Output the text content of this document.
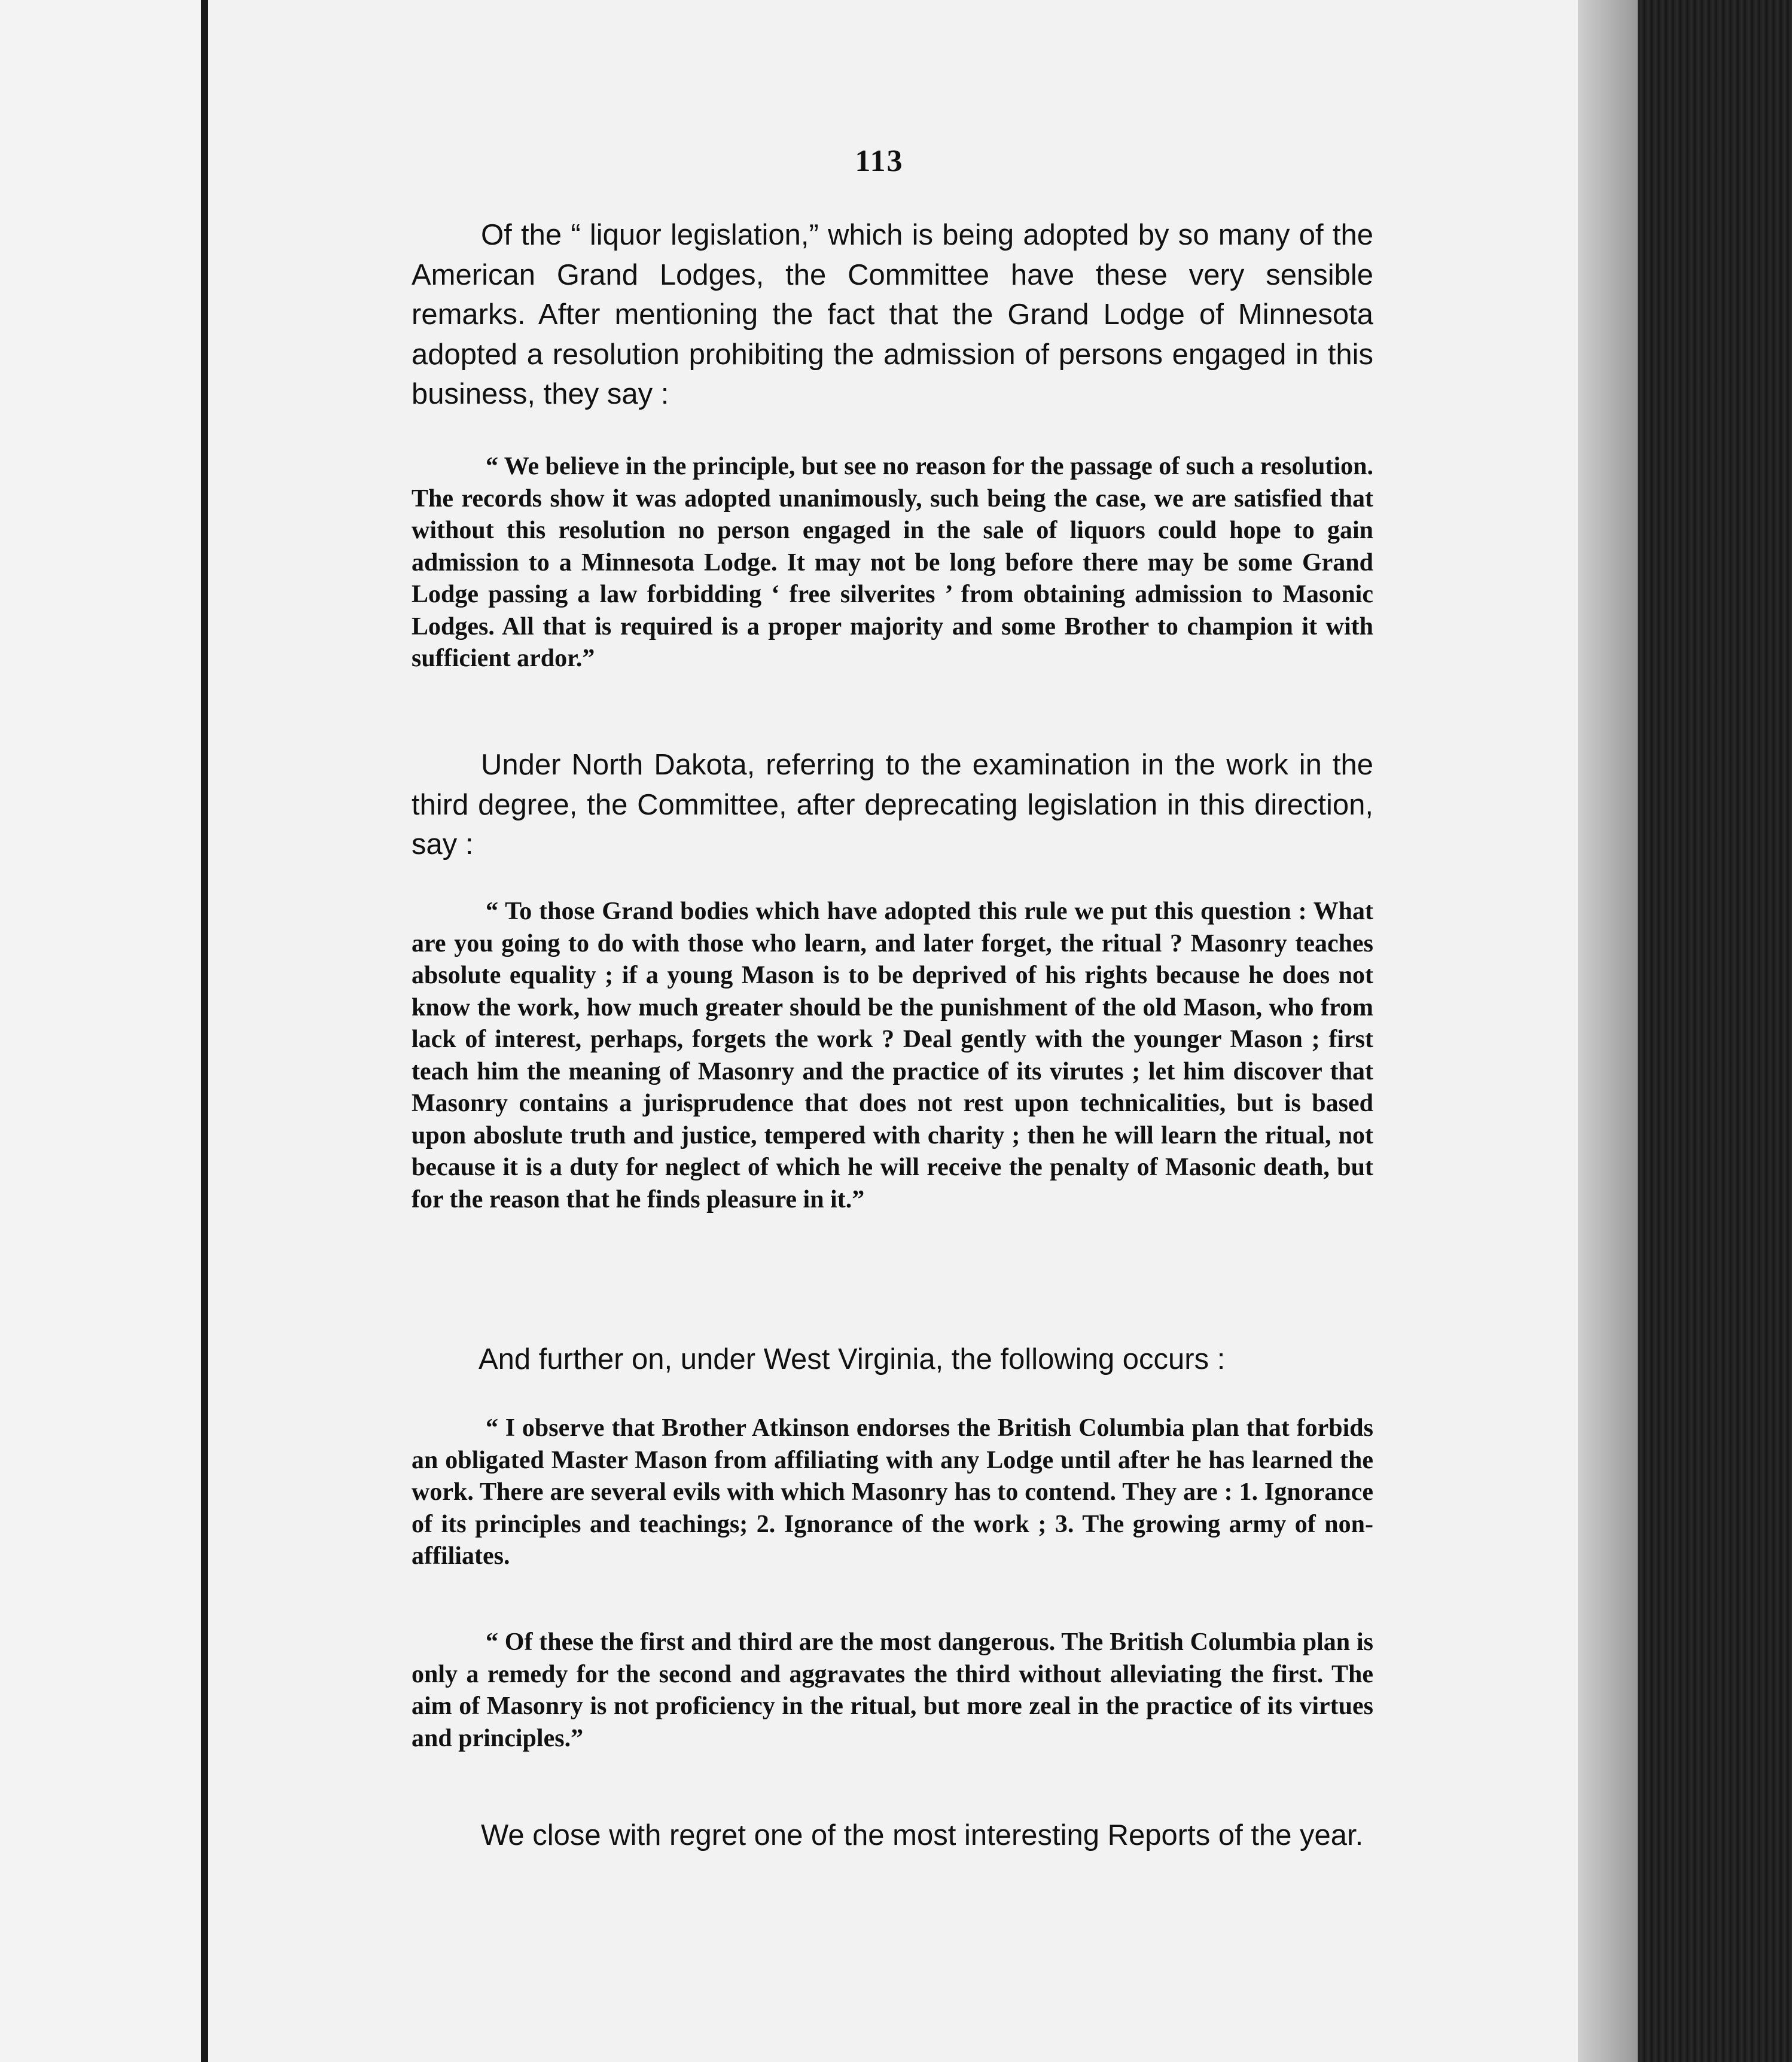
113

Of the “ liquor legislation,” which is being adopted by so many of the American Grand Lodges, the Committee have these very sensible remarks. After mentioning the fact that the Grand Lodge of Minnesota adopted a resolution prohibiting the admission of persons engaged in this business, they say :

“ We believe in the principle, but see no reason for the passage of such a resolution. The records show it was adopted unanimously, such being the case, we are satisfied that without this resolution no person engaged in the sale of liquors could hope to gain admission to a Minnesota Lodge. It may not be long before there may be some Grand Lodge passing a law forbidding ‘ free silverites ’ from obtaining admission to Masonic Lodges. All that is required is a proper majority and some Brother to champion it with sufficient ardor.”

Under North Dakota, referring to the examination in the work in the third degree, the Committee, after deprecating legislation in this direction, say :

“ To those Grand bodies which have adopted this rule we put this question : What are you going to do with those who learn, and later forget, the ritual ? Masonry teaches absolute equality ; if a young Mason is to be deprived of his rights because he does not know the work, how much greater should be the punishment of the old Mason, who from lack of interest, perhaps, forgets the work ? Deal gently with the younger Mason ; first teach him the meaning of Masonry and the practice of its virutes ; let him discover that Masonry contains a jurisprudence that does not rest upon technicalities, but is based upon aboslute truth and justice, tempered with charity ; then he will learn the ritual, not because it is a duty for neglect of which he will receive the penalty of Masonic death, but for the reason that he finds pleasure in it.”

And further on, under West Virginia, the following occurs :

“ I observe that Brother Atkinson endorses the British Columbia plan that forbids an obligated Master Mason from affiliating with any Lodge until after he has learned the work. There are several evils with which Masonry has to contend. They are : 1. Ignorance of its principles and teachings; 2. Ignorance of the work ; 3. The growing army of non-affiliates.

“ Of these the first and third are the most dangerous. The British Columbia plan is only a remedy for the second and aggravates the third without alleviating the first. The aim of Masonry is not proficiency in the ritual, but more zeal in the practice of its virtues and principles.”

We close with regret one of the most interesting Reports of the year.
